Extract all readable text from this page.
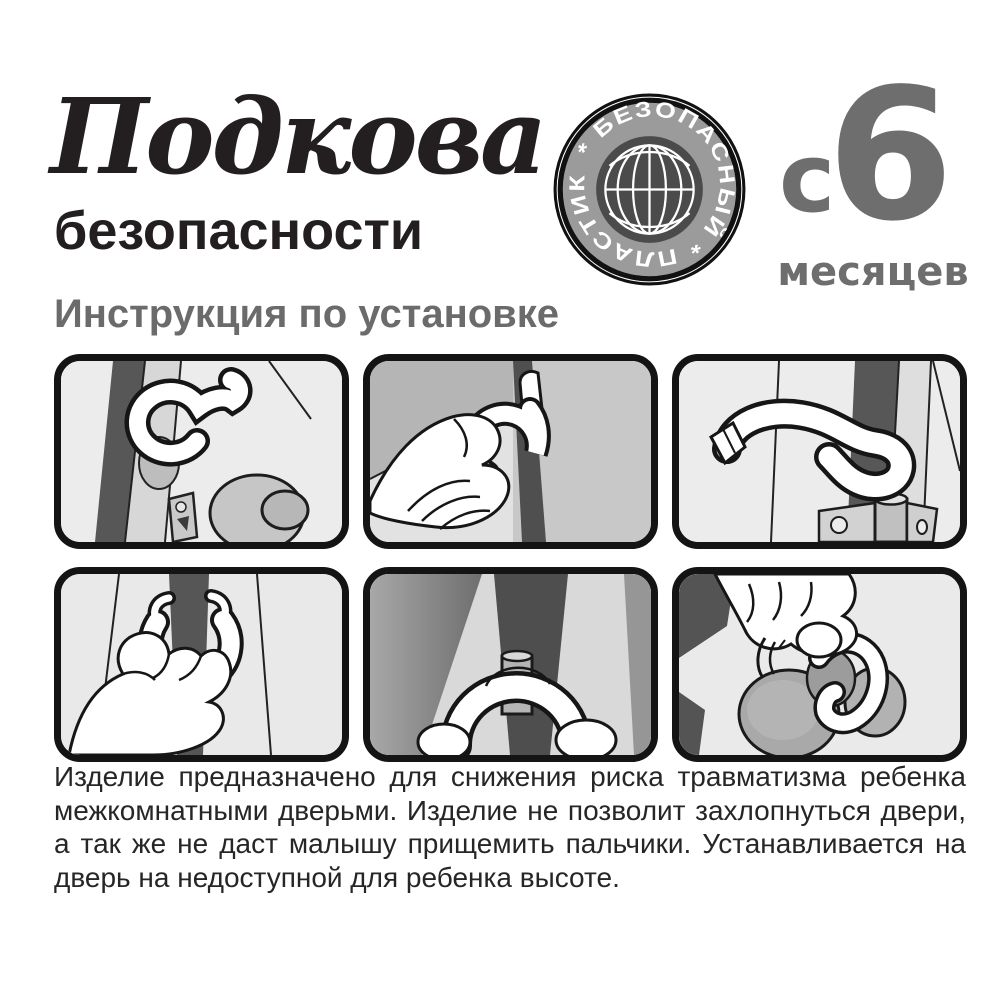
Подкова
безопасности
* БЕЗОПАСНЫЙ * ПЛАСТИК	с
6
месяцев
Инструкция по установке

Изделие предназначено для снижения риска травматизма ребенка межкомнатными дверьми. Изделие не позволит захлопнуться двери, а так же не даст малышу прищемить пальчики. Устанавливается на дверь на недоступной для ребенка высоте.
